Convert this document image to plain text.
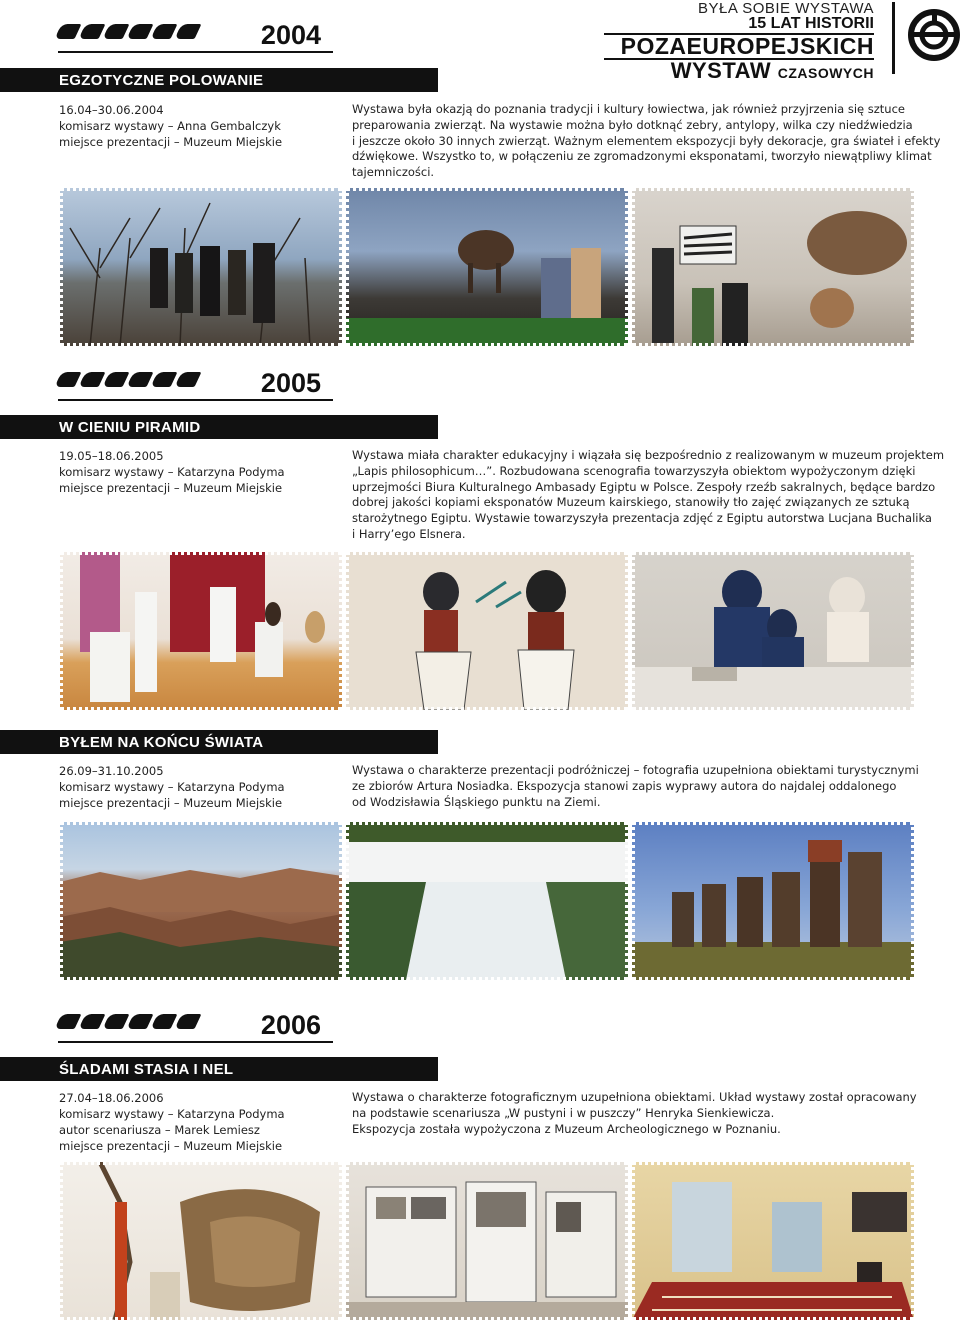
BYŁA SOBIE WYSTAWA
15 LAT HISTORII
POZAEUROPEJSKICH
WYSTAW CZASOWYCH
2004
EGZOTYCZNE POLOWANIE
16.04–30.06.2004
komisarz wystawy – Anna Gembalczyk
miejsce prezentacji – Muzeum Miejskie
Wystawa była okazją do poznania tradycji i kultury łowiectwa, jak również przyjrzenia się sztuce
preparowania zwierząt. Na wystawie można było dotknąć zebry, antylopy, wilka czy niedźwiedzia
i jeszcze około 30 innych zwierząt. Ważnym elementem ekspozycji były dekoracje, gra świateł i efekty
dźwiękowe. Wszystko to, w połączeniu ze zgromadzonymi eksponatami, tworzyło niewątpliwy klimat
tajemniczości.
2005
W CIENIU PIRAMID
19.05–18.06.2005
komisarz wystawy – Katarzyna Podyma
miejsce prezentacji – Muzeum Miejskie
Wystawa miała charakter edukacyjny i wiązała się bezpośrednio z realizowanym w muzeum projektem
„Lapis philosophicum…”. Rozbudowana scenografia towarzyszyła obiektom wypożyczonym dzięki
uprzejmości Biura Kulturalnego Ambasady Egiptu w Polsce. Zespoły rzeźb sakralnych, będące bardzo
dobrej jakości kopiami eksponatów Muzeum kairskiego, stanowiły tło zajęć związanych ze sztuką
starożytnego Egiptu. Wystawie towarzyszyła prezentacja zdjęć z Egiptu autorstwa Lucjana Buchalika
i Harry’ego Elsnera.
BYŁEM NA KOŃCU ŚWIATA
26.09–31.10.2005
komisarz wystawy – Katarzyna Podyma
miejsce prezentacji – Muzeum Miejskie
Wystawa o charakterze prezentacji podróżniczej – fotografia uzupełniona obiektami turystycznymi
ze zbiorów Artura Nosiadka. Ekspozycja stanowi zapis wyprawy autora do najdalej oddalonego
od Wodzisławia Śląskiego punktu na Ziemi.
2006
ŚLADAMI STASIA I NEL
27.04–18.06.2006
komisarz wystawy – Katarzyna Podyma
autor scenariusza – Marek Lemiesz
miejsce prezentacji – Muzeum Miejskie
Wystawa o charakterze fotograficznym uzupełniona obiektami. Układ wystawy został opracowany
na podstawie scenariusza „W pustyni i w puszczy” Henryka Sienkiewicza.
Ekspozycja została wypożyczona z Muzeum Archeologicznego w Poznaniu.
